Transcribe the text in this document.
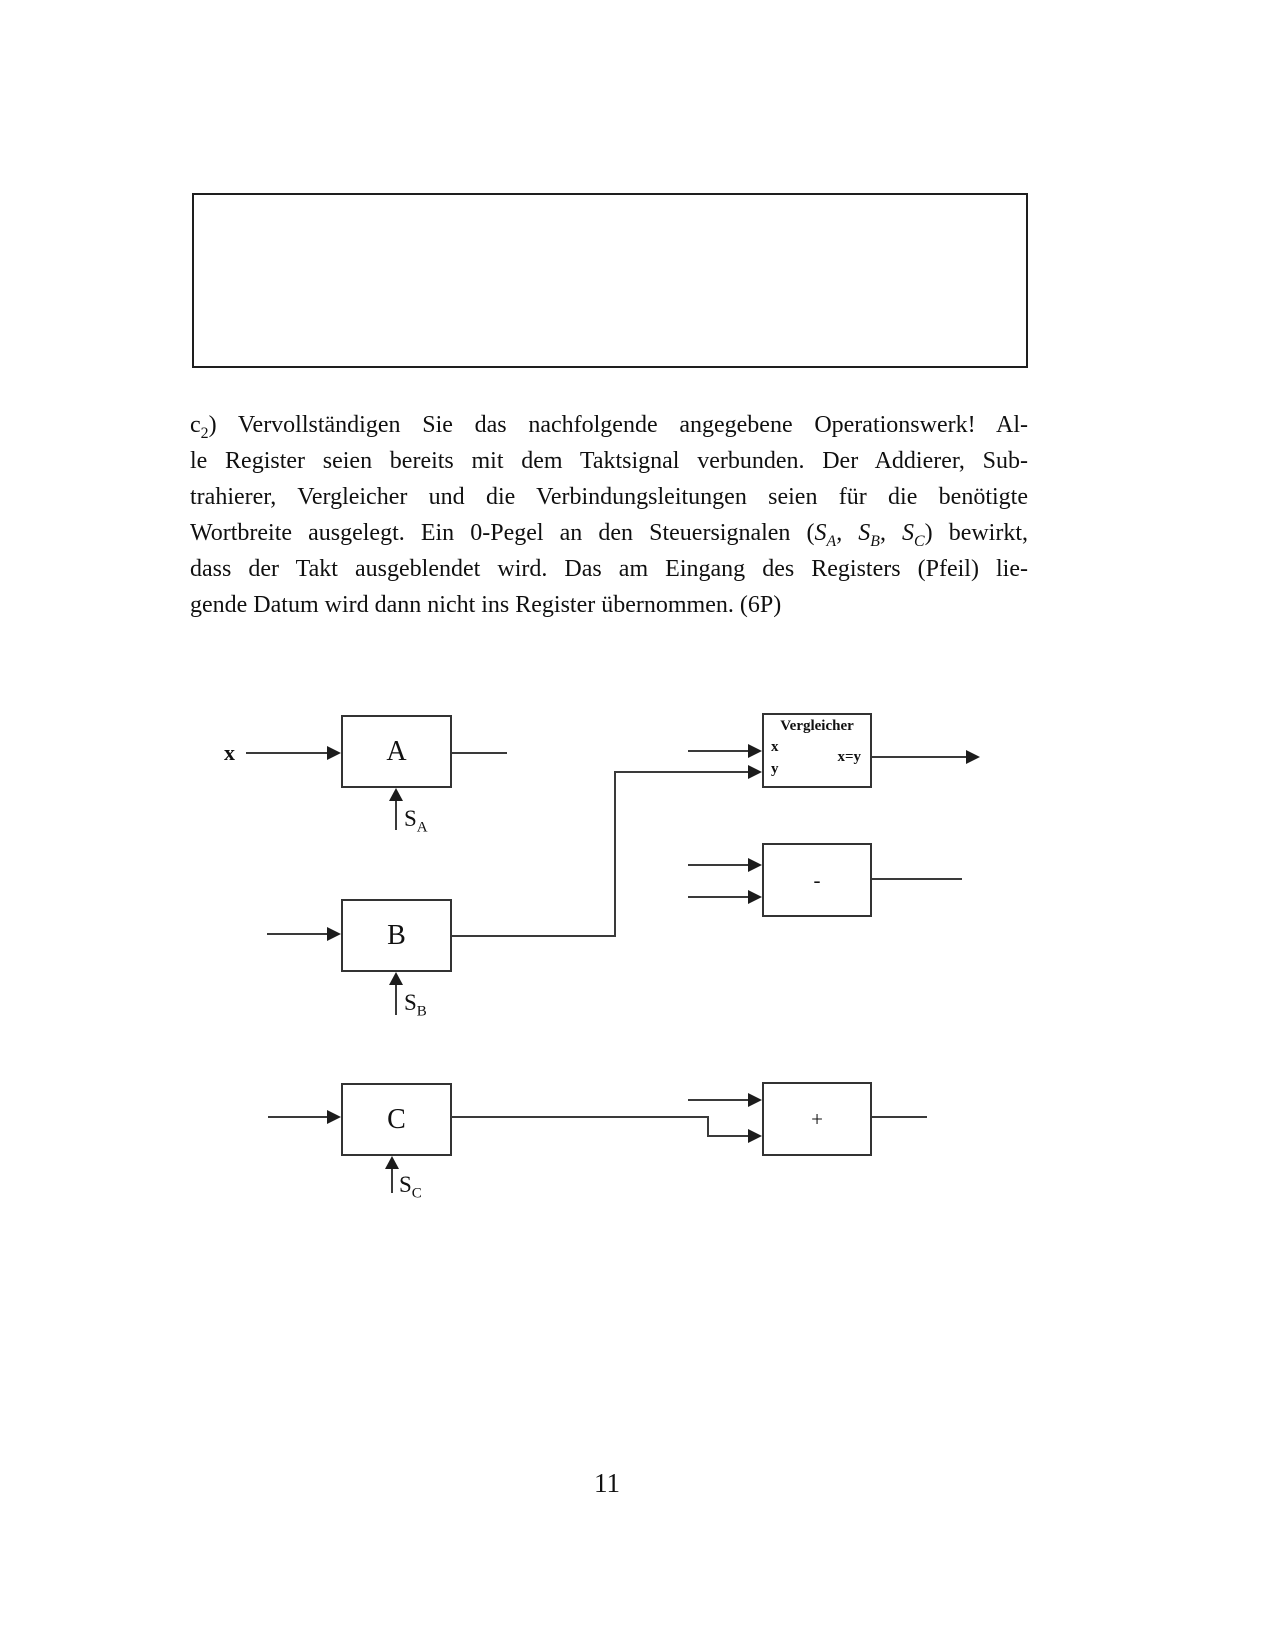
$c_2$) Vervollständigen Sie das nachfolgende angegebene Operationswerk! Al-
le Register seien bereits mit dem Taktsignal verbunden. Der Addierer, Sub-
trahierer, Vergleicher und die Verbindungsleitungen seien für die benötigte
Wortbreite ausgelegt. Ein 0-Pegel an den Steuersignalen ($S_A$, $S_B$, $S_C$) bewirkt,
dass der Takt ausgeblendet wird. Das am Eingang des Registers (Pfeil) lie-
gende Datum wird dann nicht ins Register übernommen. (6P)
x	A
$S_A$
Vergleicher
x
y
x=y
B
$S_B$
-
C
$S_C$
+
11
